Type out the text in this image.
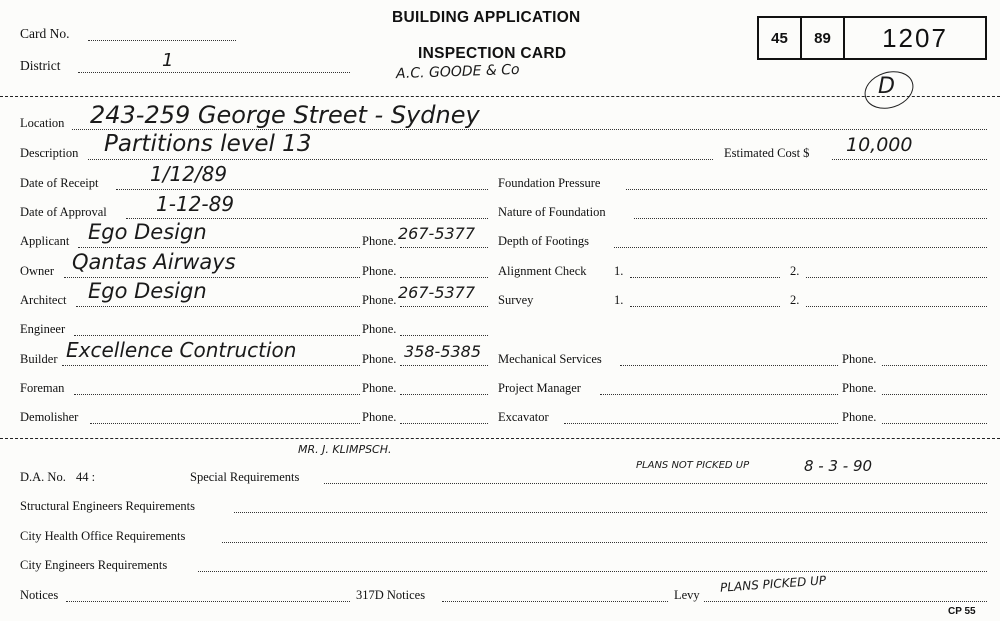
Card No.
District	1
BUILDING APPLICATION
INSPECTION CARD
A.C. GOODE & Co
45	89	1207
D
Location 243-259 George Street - Sydney
Description Partitions level 13	Estimated Cost $ 10,000
Date of Receipt	1/12/89	Foundation Pressure
Date of Approval 1-12-89	Nature of Foundation
Applicant Ego Design	Phone. 267-5377 Depth of Footings
Owner Qantas Airways	Phone.	Alignment Check 1.	2.
Architect Ego Design	Phone. 267-5377 Survey	1.	2.
Engineer	Phone.
Builder Excellence Contruction	Phone. 358-5385 Mechanical Services	Phone.
Foreman	Phone.	Project Manager	Phone.
Demolisher	Phone.	Excavator	Phone.
MR. J. KLIMPSCH.
D.A. No. 44 :	Special Requirements
PLANS NOT PICKED UP	8 - 3 - 90
Structural Engineers Requirements
City Health Office Requirements
City Engineers Requirements
Notices	317D Notices	Levy
PLANS PICKED UP
CP 55
